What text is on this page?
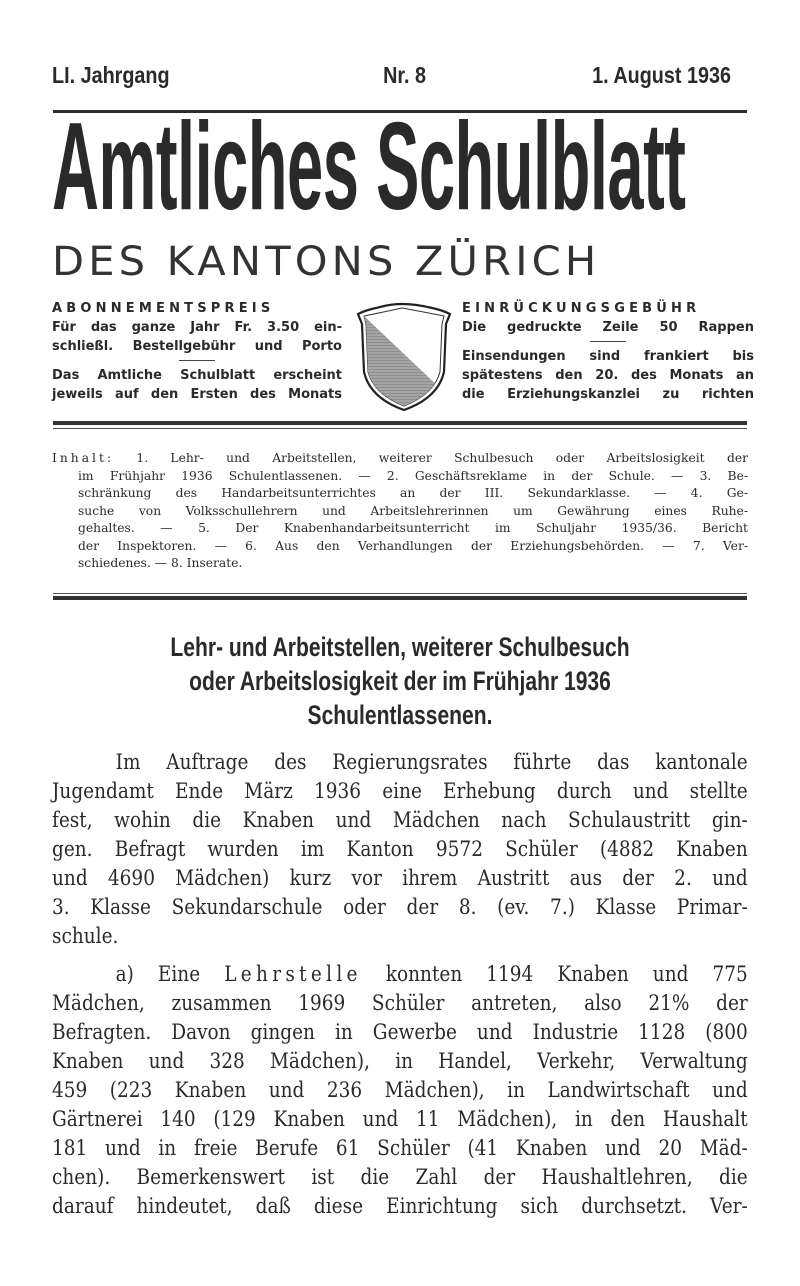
LI. Jahrgang	Nr. 8	1. August 1936
Amtliches Schulblatt
DES KANTONS ZÜRICH
ABONNEMENTSPREIS
Für das ganze Jahr Fr. 3.50 ein-
schließl. Bestellgebühr und Porto
Das Amtliche Schulblatt erscheint
jeweils auf den Ersten des Monats
EINRÜCKUNGSGEBÜHR
Die gedruckte Zeile 50 Rappen
Einsendungen sind frankiert bis
spätestens den 20. des Monats an
die Erziehungskanzlei zu richten
Inhalt: 1. Lehr- und Arbeitstellen, weiterer Schulbesuch oder Arbeitslosigkeit der
im Frühjahr 1936 Schulentlassenen. — 2. Geschäftsreklame in der Schule. — 3. Be-
schränkung des Handarbeitsunterrichtes an der III. Sekundarklasse. — 4. Ge-
suche von Volksschullehrern und Arbeitslehrerinnen um Gewährung eines Ruhe-
gehaltes. — 5. Der Knabenhandarbeitsunterricht im Schuljahr 1935/36. Bericht
der Inspektoren. — 6. Aus den Verhandlungen der Erziehungsbehörden. — 7. Ver-
schiedenes. — 8. Inserate.
Lehr- und Arbeitstellen, weiterer Schulbesuch
oder Arbeitslosigkeit der im Frühjahr 1936
Schulentlassenen.
Im Auftrage des Regierungsrates führte das kantonale
Jugendamt Ende März 1936 eine Erhebung durch und stellte
fest, wohin die Knaben und Mädchen nach Schulaustritt gin-
gen. Befragt wurden im Kanton 9572 Schüler (4882 Knaben
und 4690 Mädchen) kurz vor ihrem Austritt aus der 2. und
3. Klasse Sekundarschule oder der 8. (ev. 7.) Klasse Primar-
schule.
a) Eine Lehrstelle konnten 1194 Knaben und 775
Mädchen, zusammen 1969 Schüler antreten, also 21% der
Befragten. Davon gingen in Gewerbe und Industrie 1128 (800
Knaben und 328 Mädchen), in Handel, Verkehr, Verwaltung
459 (223 Knaben und 236 Mädchen), in Landwirtschaft und
Gärtnerei 140 (129 Knaben und 11 Mädchen), in den Haushalt
181 und in freie Berufe 61 Schüler (41 Knaben und 20 Mäd-
chen). Bemerkenswert ist die Zahl der Haushaltlehren, die
darauf hindeutet, daß diese Einrichtung sich durchsetzt. Ver-
